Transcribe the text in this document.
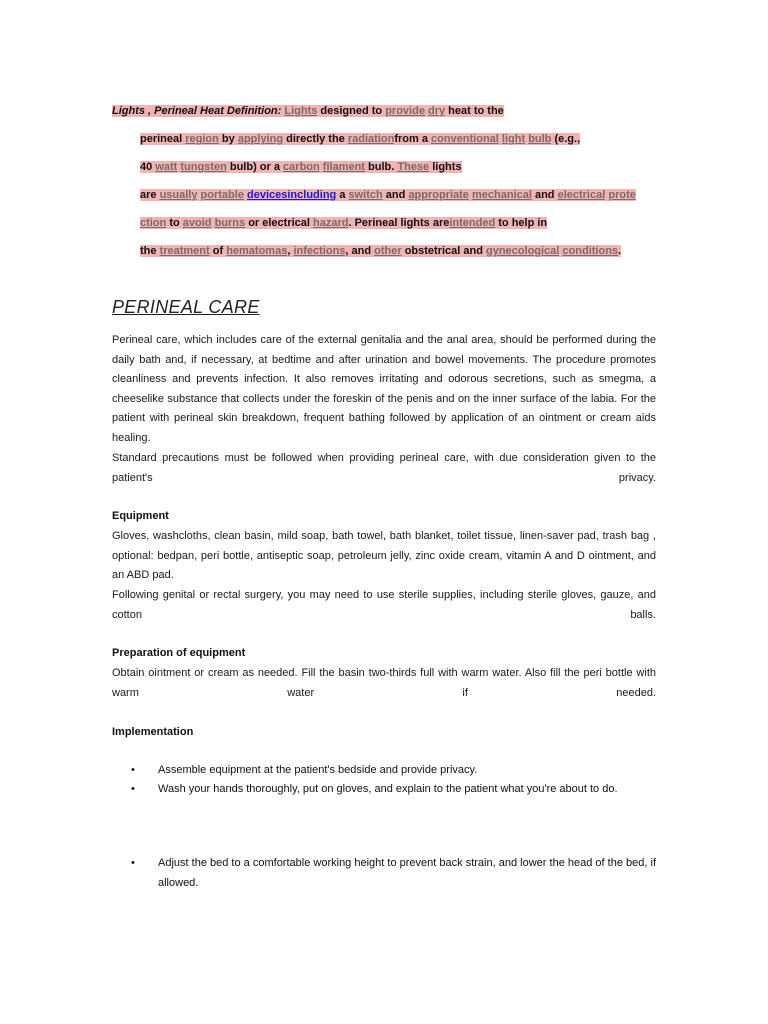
Lights , Perineal Heat Definition: Lights designed to provide dry heat to the
perineal region by applying directly the radiationfrom a conventional light bulb (e.g.,
40 watt tungsten bulb) or a carbon filament bulb. These lights
are usually portable devicesincluding a switch and appropriate mechanical and electrical prote
ction to avoid burns or electrical hazard. Perineal lights areintended to help in
the treatment of hematomas, infections, and other obstetrical and gynecological conditions.
PERINEAL CARE
Perineal care, which includes care of the external genitalia and the anal area, should be performed during the daily bath and, if necessary, at bedtime and after urination and bowel movements. The procedure promotes cleanliness and prevents infection. It also removes irritating and odorous secretions, such as smegma, a cheeselike substance that collects under the foreskin of the penis and on the inner surface of the labia. For the patient with perineal skin breakdown, frequent bathing followed by application of an ointment or cream aids healing.
Standard precautions must be followed when providing perineal care, with due consideration given to the patient's privacy.
Equipment
Gloves, washcloths, clean basin, mild soap, bath towel, bath blanket, toilet tissue, linen-saver pad, trash bag , optional: bedpan, peri bottle, antiseptic soap, petroleum jelly, zinc oxide cream, vitamin A and D ointment, and an ABD pad.
Following genital or rectal surgery, you may need to use sterile supplies, including sterile gloves, gauze, and cotton balls.
Preparation of equipment
Obtain ointment or cream as needed. Fill the basin two-thirds full with warm water. Also fill the peri bottle with warm water if needed.
Implementation
• Assemble equipment at the patient's bedside and provide privacy.
• Wash your hands thoroughly, put on gloves, and explain to the patient what you're about to do.
• Adjust the bed to a comfortable working height to prevent back strain, and lower the head of the bed, if allowed.
